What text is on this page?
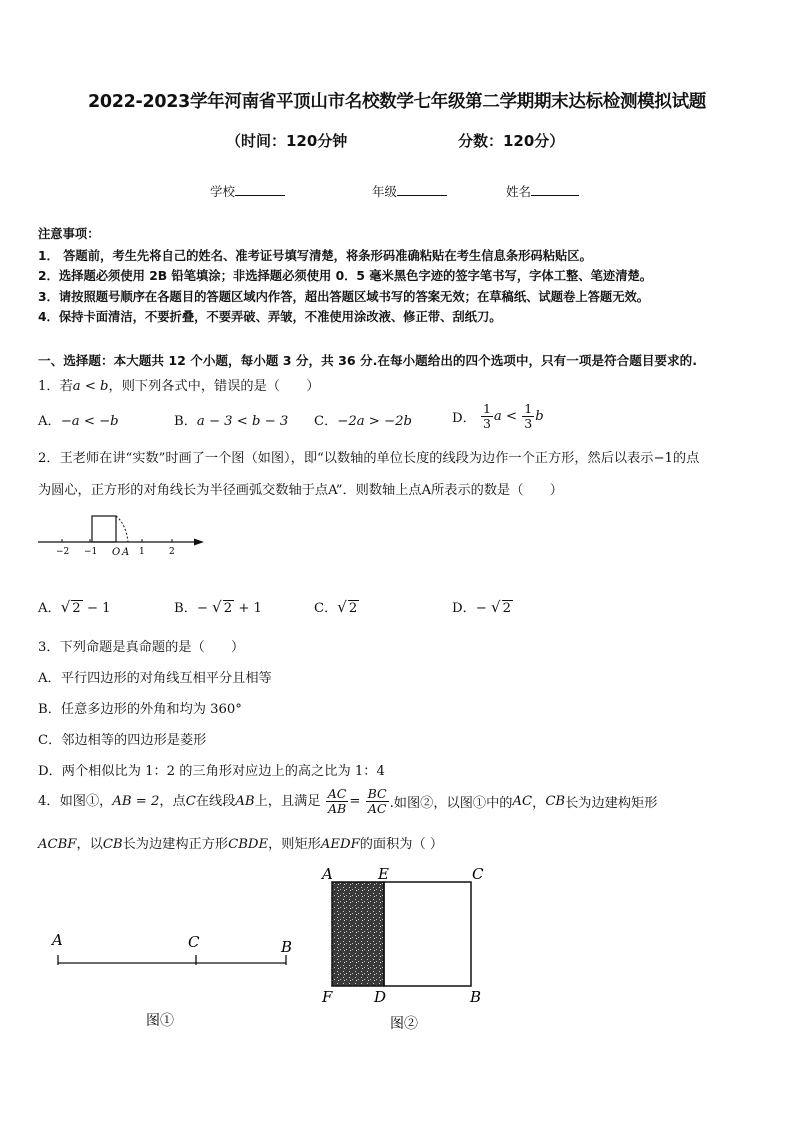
2022-2023学年河南省平顶山市名校数学七年级第二学期期末达标检测模拟试题
（时间：120分钟	分数：120分）
学校	年级	姓名
注意事项：
1． 答题前，考生先将自己的姓名、准考证号填写清楚，将条形码准确粘贴在考生信息条形码粘贴区。
2．选择题必须使用 2B 铅笔填涂；非选择题必须使用 0．5 毫米黑色字迹的签字笔书写，字体工整、笔迹清楚。
3．请按照题号顺序在各题目的答题区域内作答，超出答题区域书写的答案无效；在草稿纸、试题卷上答题无效。
4．保持卡面清洁，不要折叠，不要弄破、弄皱，不准使用涂改液、修正带、刮纸刀。
一、选择题：本大题共 12 个小题，每小题 3 分，共 36 分.在每小题给出的四个选项中，只有一项是符合题目要求的.
1．若a < b，则下列各式中，错误的是（　　）
A．−a < −b	B．a − 3 < b − 3 C．−2a > −2b	D． $\frac{1}{3}$ $a < \frac{1}{3}$ b
2．王老师在讲“实数”时画了一个图（如图），即“以数轴的单位长度的线段为边作一个正方形，然后以表示−1的点
为圆心，正方形的对角线长为半径画弧交数轴于点A”．则数轴上点A所表示的数是（　　）
−2 −1 O A 1	2
A．√ 2 − 1	B．− √ 2 + 1	C．√ 2	D．− √ 2
3．下列命题是真命题的是（　　）
A．平行四边形的对角线互相平分且相等
B．任意多边形的外角和均为 360°
C．邻边相等的四边形是菱形
D．两个相似比为 1：2 的三角形对应边上的高之比为 1：4
4．如图①，AB = 2，点C在线段AB上，且满足 $\frac{AC}{AB} = \frac{BC}{AC}$ .如图②，以图①中的AC，CB长为边建构矩形
ACBF，以CB长为边建构正方形CBDE，则矩形AEDF的面积为（ ）
A	C	B
图①
A	E	C
F	D	B
图②
